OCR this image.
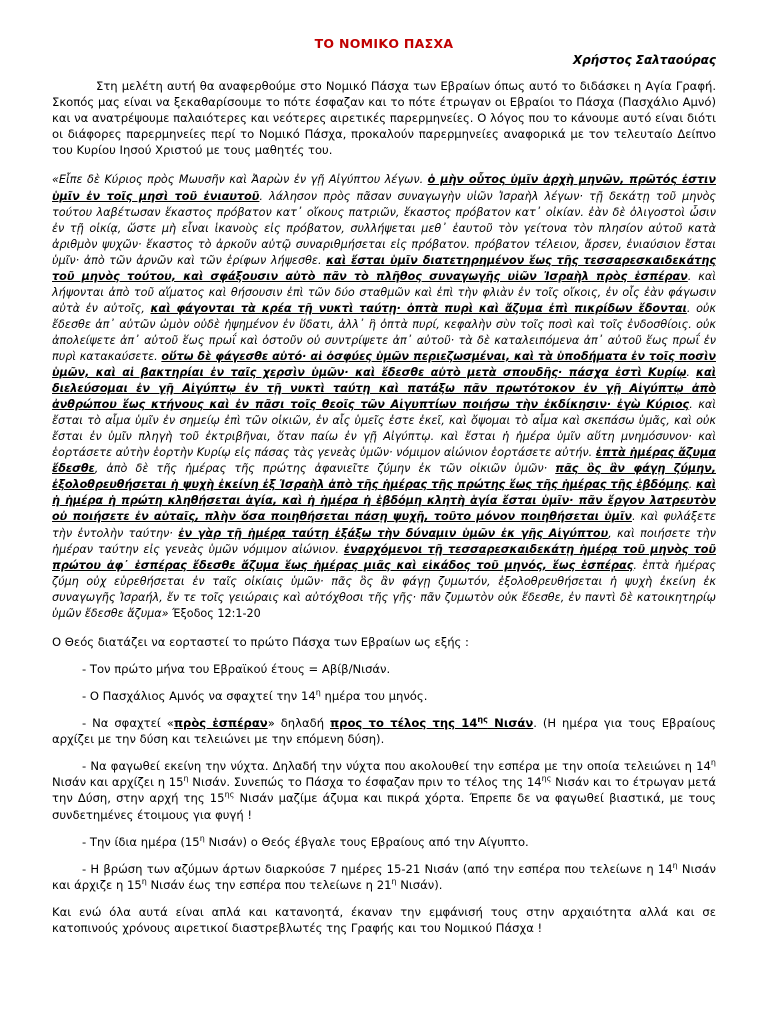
ΤΟ ΝΟΜΙΚΟ ΠΑΣΧΑ
Χρήστος Σαλταούρας

Στη μελέτη αυτή θα αναφερθούμε στο Νομικό Πάσχα των Εβραίων όπως αυτό το διδάσκει η Αγία Γραφή. Σκοπός μας είναι να ξεκαθαρίσουμε το πότε έσφαζαν και το πότε έτρωγαν οι Εβραίοι το Πάσχα (Πασχάλιο Αμνό) και να ανατρέψουμε παλαιότερες και νεότερες αιρετικές παρερμηνείες. Ο λόγος που το κάνουμε αυτό είναι διότι οι διάφορες παρερμηνείες περί το Νομικό Πάσχα, προκαλούν παρερμηνείες αναφορικά με τον τελευταίο Δείπνο του Κυρίου Ιησού Χριστού με τους μαθητές του.

«Εἶπε δὲ Κύριος πρὸς Μωυσῆν καὶ Ἀαρὼν ἐν γῇ Αἰγύπτου λέγων. ὁ μὴν οὗτος ὑμῖν ἀρχὴ μηνῶν, πρῶτός ἐστιν ὑμῖν ἐν τοῖς μησὶ τοῦ ἐνιαυτοῦ. λάλησον πρὸς πᾶσαν συναγωγὴν υἱῶν Ἰσραὴλ λέγων· τῇ δεκάτῃ τοῦ μηνὸς τούτου λαβέτωσαν ἕκαστος πρόβατον κατ᾿ οἴκους πατριῶν, ἕκαστος πρόβατον κατ᾿ οἰκίαν. ἐὰν δὲ ὀλιγοστοὶ ὦσιν ἐν τῇ οἰκίᾳ, ὥστε μὴ εἶναι ἱκανοὺς εἰς πρόβατον, συλλήψεται μεθ᾿ ἑαυτοῦ τὸν γείτονα τὸν πλησίον αὐτοῦ κατὰ ἀριθμὸν ψυχῶν· ἕκαστος τὸ ἀρκοῦν αὐτῷ συναριθμήσεται εἰς πρόβατον. πρόβατον τέλειον, ἄρσεν, ἐνιαύσιον ἔσται ὑμῖν· ἀπὸ τῶν ἀρνῶν καὶ τῶν ἐρίφων λήψεσθε. καὶ ἔσται ὑμῖν διατετηρημένον ἕως τῆς τεσσαρεσκαιδεκάτης τοῦ μηνὸς τούτου, καὶ σφάξουσιν αὐτὸ πᾶν τὸ πλῆθος συναγωγῆς υἱῶν Ἰσραὴλ πρὸς ἑσπέραν. καὶ λήψονται ἀπὸ τοῦ αἵματος καὶ θήσουσιν ἐπὶ τῶν δύο σταθμῶν καὶ ἐπὶ τὴν φλιὰν ἐν τοῖς οἴκοις, ἐν οἷς ἐὰν φάγωσιν αὐτὰ ἐν αὐτοῖς, καὶ φάγονται τὰ κρέα τῇ νυκτὶ ταύτῃ· ὀπτὰ πυρὶ καὶ ἄζυμα ἐπὶ πικρίδων ἔδονται. οὐκ ἔδεσθε ἀπ᾿ αὐτῶν ὠμὸν οὐδὲ ἡψημένον ἐν ὕδατι, ἀλλ᾿ ἢ ὀπτὰ πυρί, κεφαλὴν σὺν τοῖς ποσὶ καὶ τοῖς ἐνδοσθίοις. οὐκ ἀπολείψετε ἀπ᾿ αὐτοῦ ἕως πρωΐ καὶ ὀστοῦν οὐ συντρίψετε ἀπ᾿ αὐτοῦ· τὰ δὲ καταλειπόμενα ἀπ᾿ αὐτοῦ ἕως πρωΐ ἐν πυρὶ κατακαύσετε. οὕτω δὲ φάγεσθε αὐτό· αἱ ὀσφύες ὑμῶν περιεζωσμέναι, καὶ τὰ ὑποδήματα ἐν τοῖς ποσὶν ὑμῶν, καὶ αἱ βακτηρίαι ἐν ταῖς χερσὶν ὑμῶν· καὶ ἔδεσθε αὐτὸ μετὰ σπουδῆς· πάσχα ἐστὶ Κυρίῳ. καὶ διελεύσομαι ἐν γῇ Αἰγύπτῳ ἐν τῇ νυκτὶ ταύτῃ καὶ πατάξω πᾶν πρωτότοκον ἐν γῇ Αἰγύπτῳ ἀπὸ ἀνθρώπου ἕως κτήνους καὶ ἐν πᾶσι τοῖς θεοῖς τῶν Αἰγυπτίων ποιήσω τὴν ἐκδίκησιν· ἐγὼ Κύριος. καὶ ἔσται τὸ αἷμα ὑμῖν ἐν σημείῳ ἐπὶ τῶν οἰκιῶν, ἐν αἷς ὑμεῖς ἐστε ἐκεῖ, καὶ ὄψομαι τὸ αἷμα καὶ σκεπάσω ὑμᾶς, καὶ οὐκ ἔσται ἐν ὑμῖν πληγὴ τοῦ ἐκτριβῆναι, ὅταν παίω ἐν γῇ Αἰγύπτῳ. καὶ ἔσται ἡ ἡμέρα ὑμῖν αὕτη μνημόσυνον· καὶ ἑορτάσετε αὐτὴν ἑορτὴν Κυρίῳ εἰς πάσας τὰς γενεὰς ὑμῶν· νόμιμον αἰώνιον ἑορτάσετε αὐτήν. ἑπτὰ ἡμέρας ἄζυμα ἔδεσθε, ἀπὸ δὲ τῆς ἡμέρας τῆς πρώτης ἀφανιεῖτε ζύμην ἐκ τῶν οἰκιῶν ὑμῶν· πᾶς ὃς ἂν φάγῃ ζύμην, ἐξολοθρευθήσεται ἡ ψυχὴ ἐκείνη ἐξ Ἰσραὴλ ἀπὸ τῆς ἡμέρας τῆς πρώτης ἕως τῆς ἡμέρας τῆς ἑβδόμης. καὶ ἡ ἡμέρα ἡ πρώτη κληθήσεται ἁγία, καὶ ἡ ἡμέρα ἡ ἑβδόμη κλητὴ ἁγία ἔσται ὑμῖν· πᾶν ἔργον λατρευτὸν οὐ ποιήσετε ἐν αὐταῖς, πλὴν ὅσα ποιηθήσεται πάσῃ ψυχῇ, τοῦτο μόνον ποιηθήσεται ὑμῖν. καὶ φυλάξετε τὴν ἐντολὴν ταύτην· ἐν γὰρ τῇ ἡμέρᾳ ταύτῃ ἐξάξω τὴν δύναμιν ὑμῶν ἐκ γῆς Αἰγύπτου, καὶ ποιήσετε τὴν ἡμέραν ταύτην εἰς γενεὰς ὑμῶν νόμιμον αἰώνιον. ἐναρχόμενοι τῇ τεσσαρεσκαιδεκάτῃ ἡμέρᾳ τοῦ μηνὸς τοῦ πρώτου ἀφ᾿ ἑσπέρας ἔδεσθε ἄζυμα ἕως ἡμέρας μιᾶς καὶ εἰκάδος τοῦ μηνός, ἕως ἑσπέρας. ἑπτὰ ἡμέρας ζύμη οὐχ εὑρεθήσεται ἐν ταῖς οἰκίαις ὑμῶν· πᾶς ὃς ἂν φάγῃ ζυμωτόν, ἐξολοθρευθήσεται ἡ ψυχὴ ἐκείνη ἐκ συναγωγῆς Ἰσραήλ, ἔν τε τοῖς γειώραις καὶ αὐτόχθοσι τῆς γῆς· πᾶν ζυμωτὸν οὐκ ἔδεσθε, ἐν παντὶ δὲ κατοικητηρίῳ ὑμῶν ἔδεσθε ἄζυμα» Έξοδος 12:1-20

Ο Θεός διατάζει να εορταστεί το πρώτο Πάσχα των Εβραίων ως εξής :

- Τον πρώτο μήνα του Εβραϊκού έτους = Αβίβ/Νισάν.

- Ο Πασχάλιος Αμνός να σφαχτεί την $14^\eta$ ημέρα του μηνός.

- Να σφαχτεί «πρὸς ἑσπέραν» δηλαδή προς το τέλος της $14^{\eta\varsigma}$ Νισάν. (Η ημέρα για τους Εβραίους αρχίζει με την δύση και τελειώνει με την επόμενη δύση).

- Να φαγωθεί εκείνη την νύχτα. Δηλαδή την νύχτα που ακολουθεί την εσπέρα με την οποία τελειώνει η $14^\eta$ Νισάν και αρχίζει η $15^\eta$ Νισάν. Συνεπώς το Πάσχα το έσφαζαν πριν το τέλος της $14^{\eta\varsigma}$ Νισάν και το έτρωγαν μετά την Δύση, στην αρχή της $15^{\eta\varsigma}$ Νισάν μαζίμε άζυμα και πικρά χόρτα. Έπρεπε δε να φαγωθεί βιαστικά, με τους συνδετημένες έτοιμους για φυγή !

- Την ίδια ημέρα ($15^\eta$ Νισάν) ο Θεός έβγαλε τους Εβραίους από την Αίγυπτο.

- Η βρώση των αζύμων άρτων διαρκούσε 7 ημέρες 15-21 Νισάν (από την εσπέρα που τελείωνε η $14^\eta$ Νισάν και άρχιζε η $15^\eta$ Νισάν έως την εσπέρα που τελείωνε η $21^\eta$ Νισάν).

Και ενώ όλα αυτά είναι απλά και κατανοητά, έκαναν την εμφάνισή τους στην αρχαιότητα αλλά και σε κατοπινούς χρόνους αιρετικοί διαστρεβλωτές της Γραφής και του Νομικού Πάσχα !
